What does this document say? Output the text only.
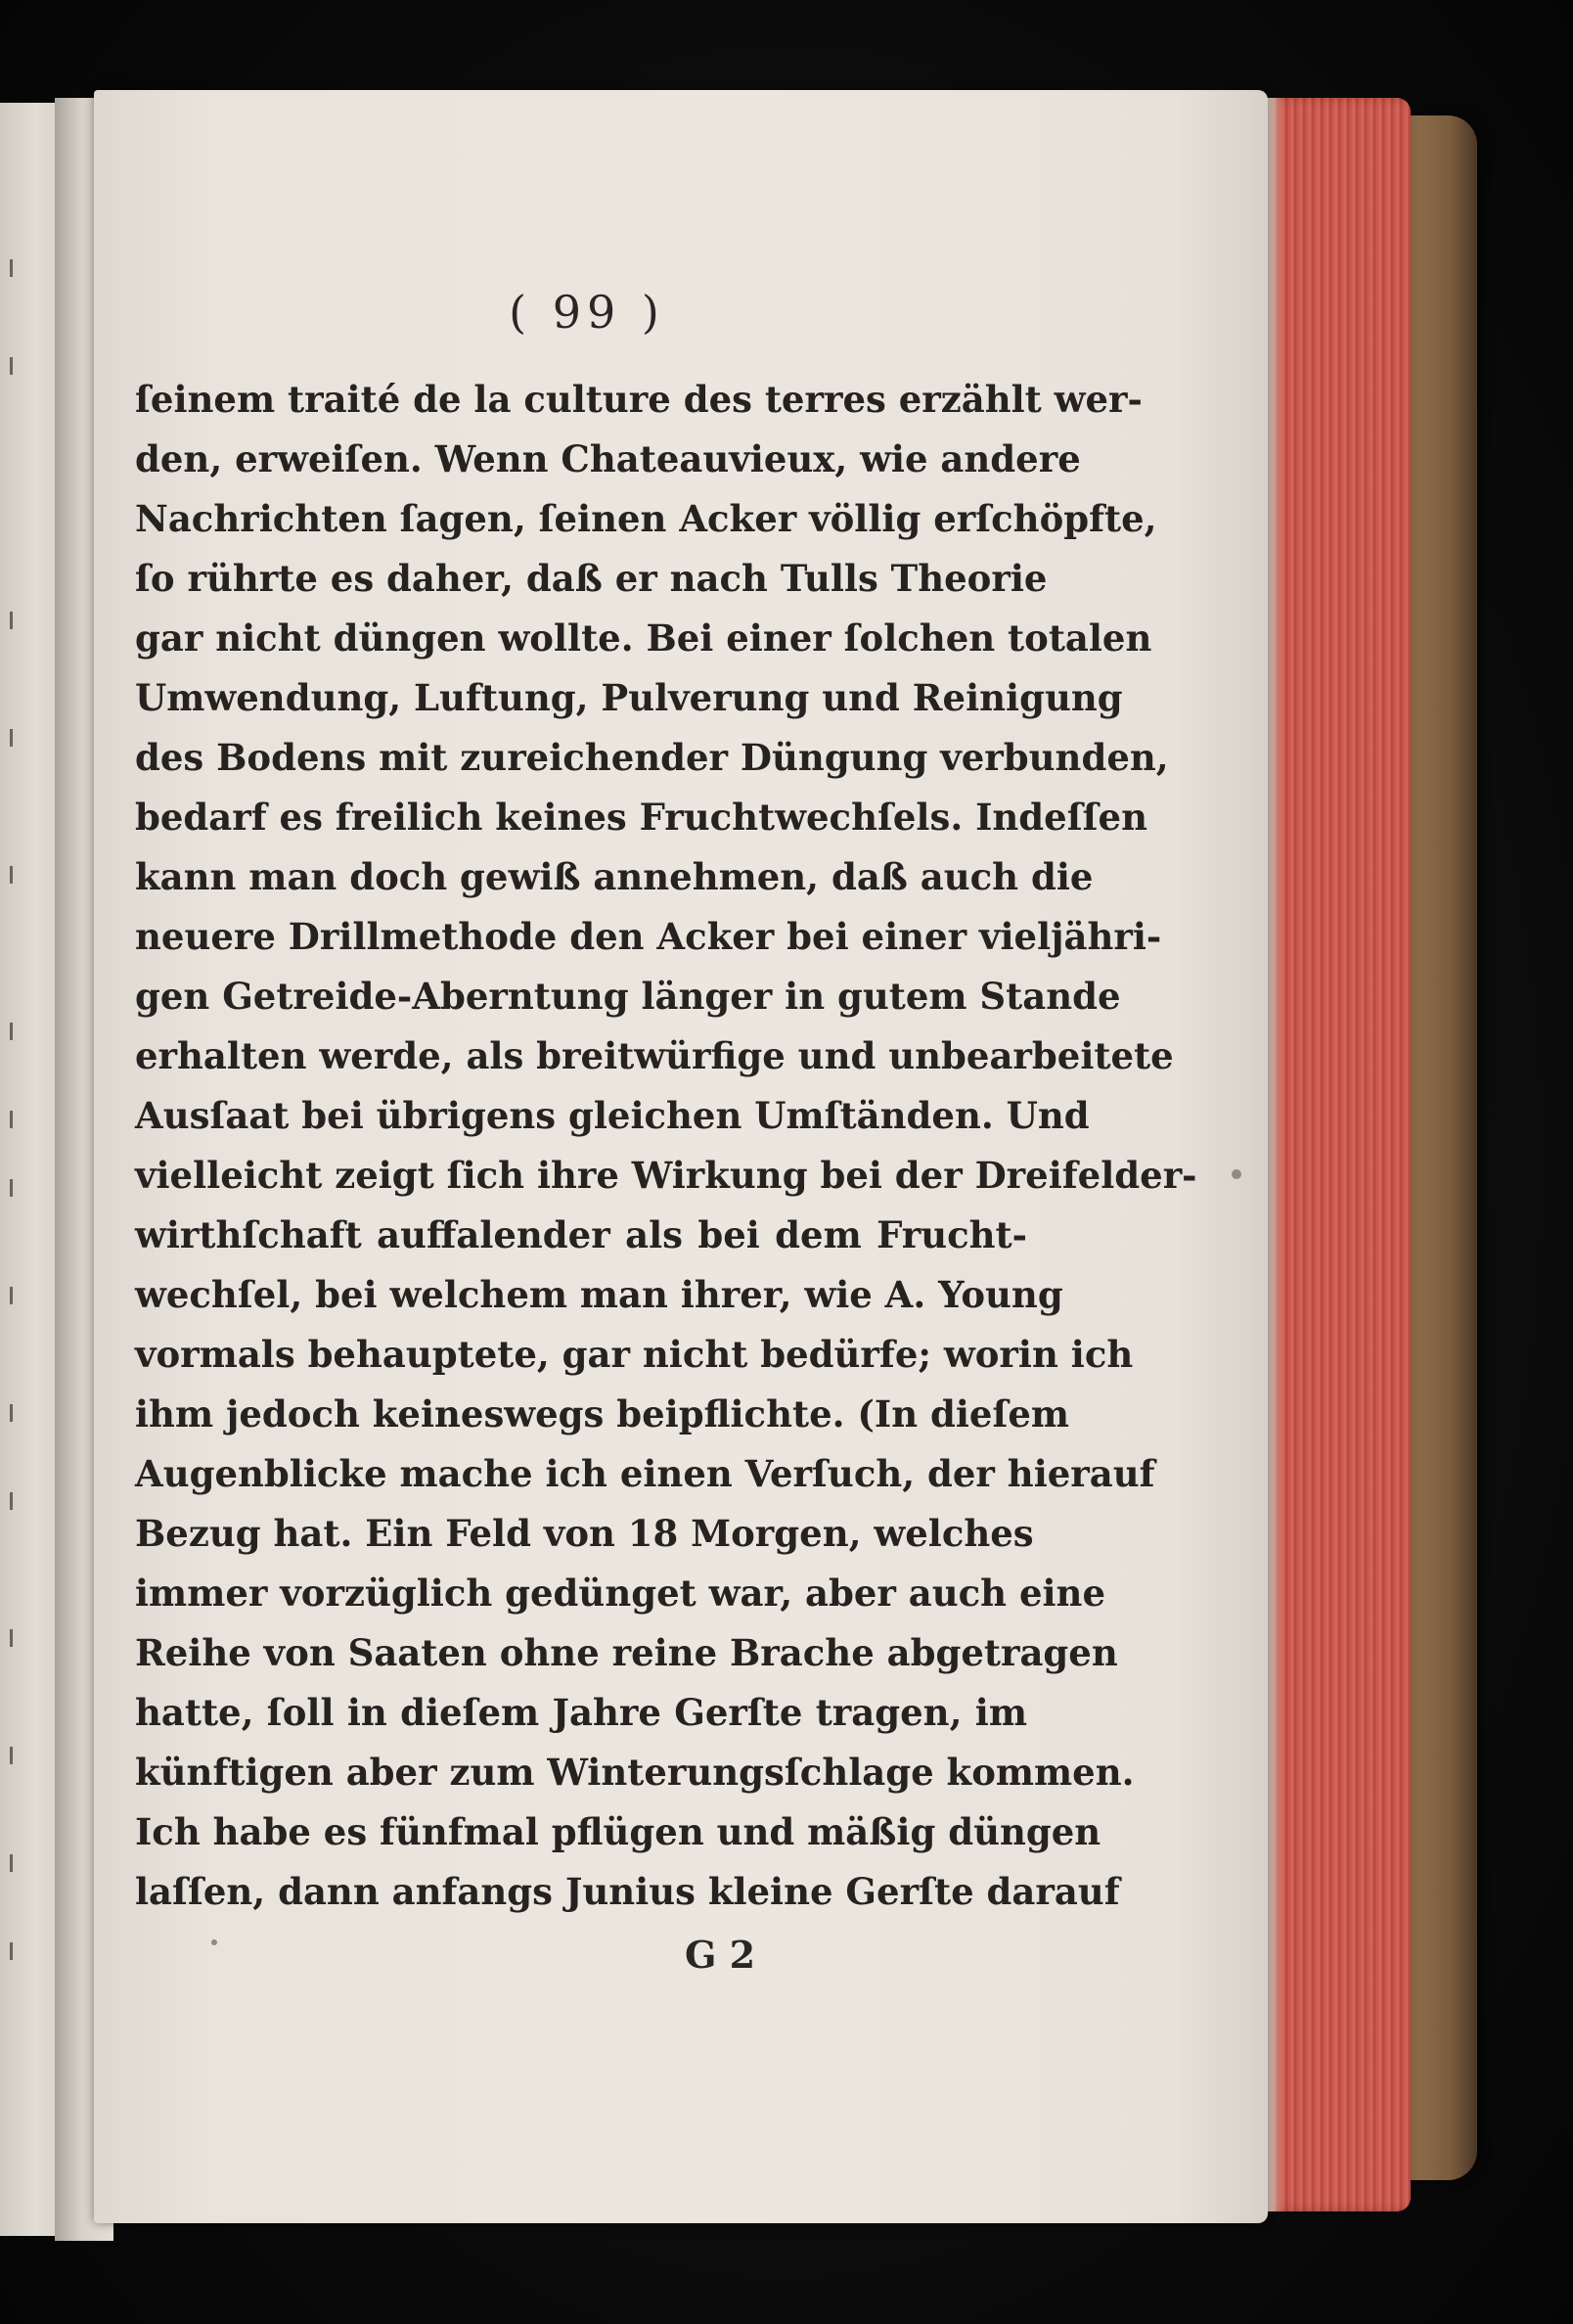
( 99 )
ſeinem traité de la culture des terres erzählt wer-
den, erweiſen. Wenn Chateauvieux, wie andere
Nachrichten ſagen, ſeinen Acker völlig erſchöpfte,
ſo rührte es daher, daß er nach Tulls Theorie
gar nicht düngen wollte. Bei einer ſolchen totalen
Umwendung, Luftung, Pulverung und Reinigung
des Bodens mit zureichender Düngung verbunden,
bedarf es freilich keines Fruchtwechſels. Indeſſen
kann man doch gewiß annehmen, daß auch die
neuere Drillmethode den Acker bei einer vieljähri-
gen Getreide-Aberntung länger in gutem Stande
erhalten werde, als breitwürfige und unbearbeitete
Ausſaat bei übrigens gleichen Umſtänden. Und
vielleicht zeigt ſich ihre Wirkung bei der Dreifelder-
wirthſchaft auffalender als bei dem Frucht-
wechſel, bei welchem man ihrer, wie A. Young
vormals behauptete, gar nicht bedürfe; worin ich
ihm jedoch keineswegs beipflichte. (In dieſem
Augenblicke mache ich einen Verſuch, der hierauf
Bezug hat. Ein Feld von 18 Morgen, welches
immer vorzüglich gedünget war, aber auch eine
Reihe von Saaten ohne reine Brache abgetragen
hatte, ſoll in dieſem Jahre Gerſte tragen, im
künftigen aber zum Winterungsſchlage kommen.
Ich habe es fünfmal pflügen und mäßig düngen
laſſen, dann anfangs Junius kleine Gerſte darauf
G 2
